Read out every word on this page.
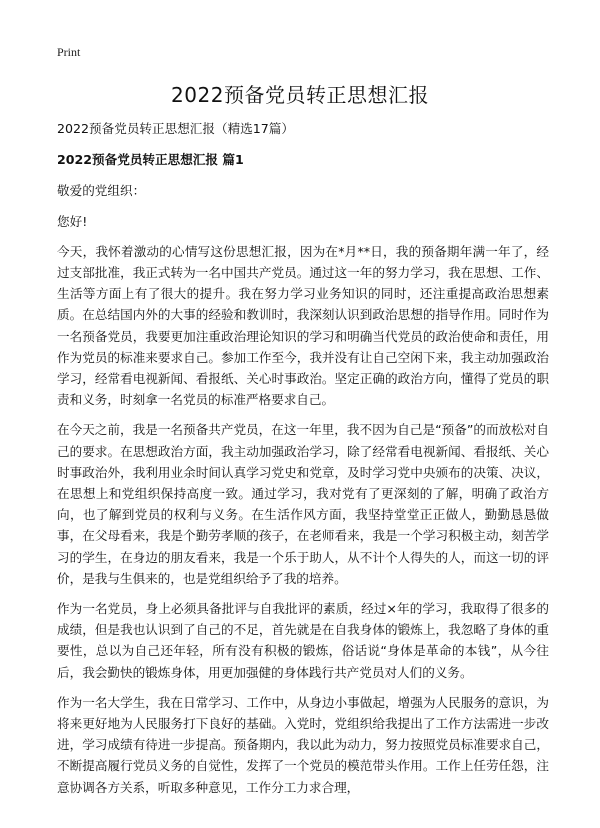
Print
2022预备党员转正思想汇报

2022预备党员转正思想汇报（精选17篇）

2022预备党员转正思想汇报 篇1

敬爱的党组织：

您好!

今天，我怀着激动的心情写这份思想汇报，因为在*月**日，我的预备期年满一年了，经过支部批准，我正式转为一名中国共产党员。通过这一年的努力学习，我在思想、工作、生活等方面上有了很大的提升。我在努力学习业务知识的同时，还注重提高政治思想素质。在总结国内外的大事的经验和教训时，我深刻认识到政治思想的指导作用。同时作为一名预备党员，我要更加注重政治理论知识的学习和明确当代党员的政治使命和责任，用作为党员的标准来要求自己。参加工作至今，我并没有让自己空闲下来，我主动加强政治学习，经常看电视新闻、看报纸、关心时事政治。坚定正确的政治方向，懂得了党员的职责和义务，时刻拿一名党员的标准严格要求自己。

在今天之前，我是一名预备共产党员，在这一年里，我不因为自己是“预备”的而放松对自己的要求。在思想政治方面，我主动加强政治学习，除了经常看电视新闻、看报纸、关心时事政治外，我利用业余时间认真学习党史和党章，及时学习党中央颁布的决策、决议，在思想上和党组织保持高度一致。通过学习，我对党有了更深刻的了解，明确了政治方向，也了解到党员的权利与义务。在生活作风方面，我坚持堂堂正正做人，勤勤恳恳做事，在父母看来，我是个勤劳孝顺的孩子，在老师看来，我是一个学习积极主动，刻苦学习的学生，在身边的朋友看来，我是一个乐于助人，从不计个人得失的人，而这一切的评价，是我与生俱来的，也是党组织给予了我的培养。

作为一名党员，身上必须具备批评与自我批评的素质，经过×年的学习，我取得了很多的成绩，但是我也认识到了自己的不足，首先就是在自我身体的锻炼上，我忽略了身体的重要性，总以为自己还年轻，所有没有积极的锻炼，俗话说“身体是革命的本钱”，从今往后，我会勤快的锻炼身体，用更加强健的身体践行共产党员对人们的义务。

作为一名大学生，我在日常学习、工作中，从身边小事做起，增强为人民服务的意识，为将来更好地为人民服务打下良好的基础。入党时，党组织给我提出了工作方法需进一步改进，学习成绩有待进一步提高。预备期内，我以此为动力，努力按照党员标准要求自己，不断提高履行党员义务的自觉性，发挥了一个党员的模范带头作用。工作上任劳任怨，注意协调各方关系，听取多种意见，工作分工力求合理，
